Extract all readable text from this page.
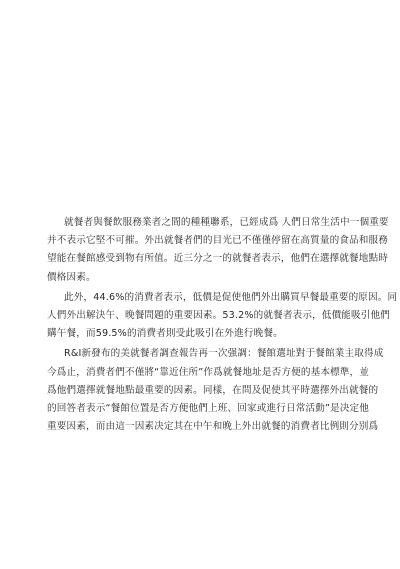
就餐者與餐飲服務業者之間的種種聯系，已經成爲 人們日常生活中一個重要
并不表示它堅不可摧。外出就餐者們的目光已不僅僅停留在高質量的食品和服務
望能在餐館感受到物有所值。近三分之一的就餐者表示，他們在選擇就餐地點時
價格因素。
此外，44.6%的消費者表示，低價是促使他們外出購買早餐最重要的原因。同
人們外出解決午、晚餐問題的重要因素。53.2%的就餐者表示，低價能吸引他們
購午餐，而59.5%的消費者則受此吸引在外進行晚餐。
R&I新發布的美就餐者調查報告再一次强調：餐館選址對于餐館業主取得成
今爲止，消費者們不僅將“靠近住所”作爲就餐地址是否方便的基本標準，並
爲他們選擇就餐地點最重要的因素。同樣，在問及促使其平時選擇外出就餐的
的回答者表示“餐館位置是否方便他們上班、回家或進行日常活動”是决定他
重要因素，而由這一因素决定其在中午和晚上外出就餐的消費者比例則分别爲
